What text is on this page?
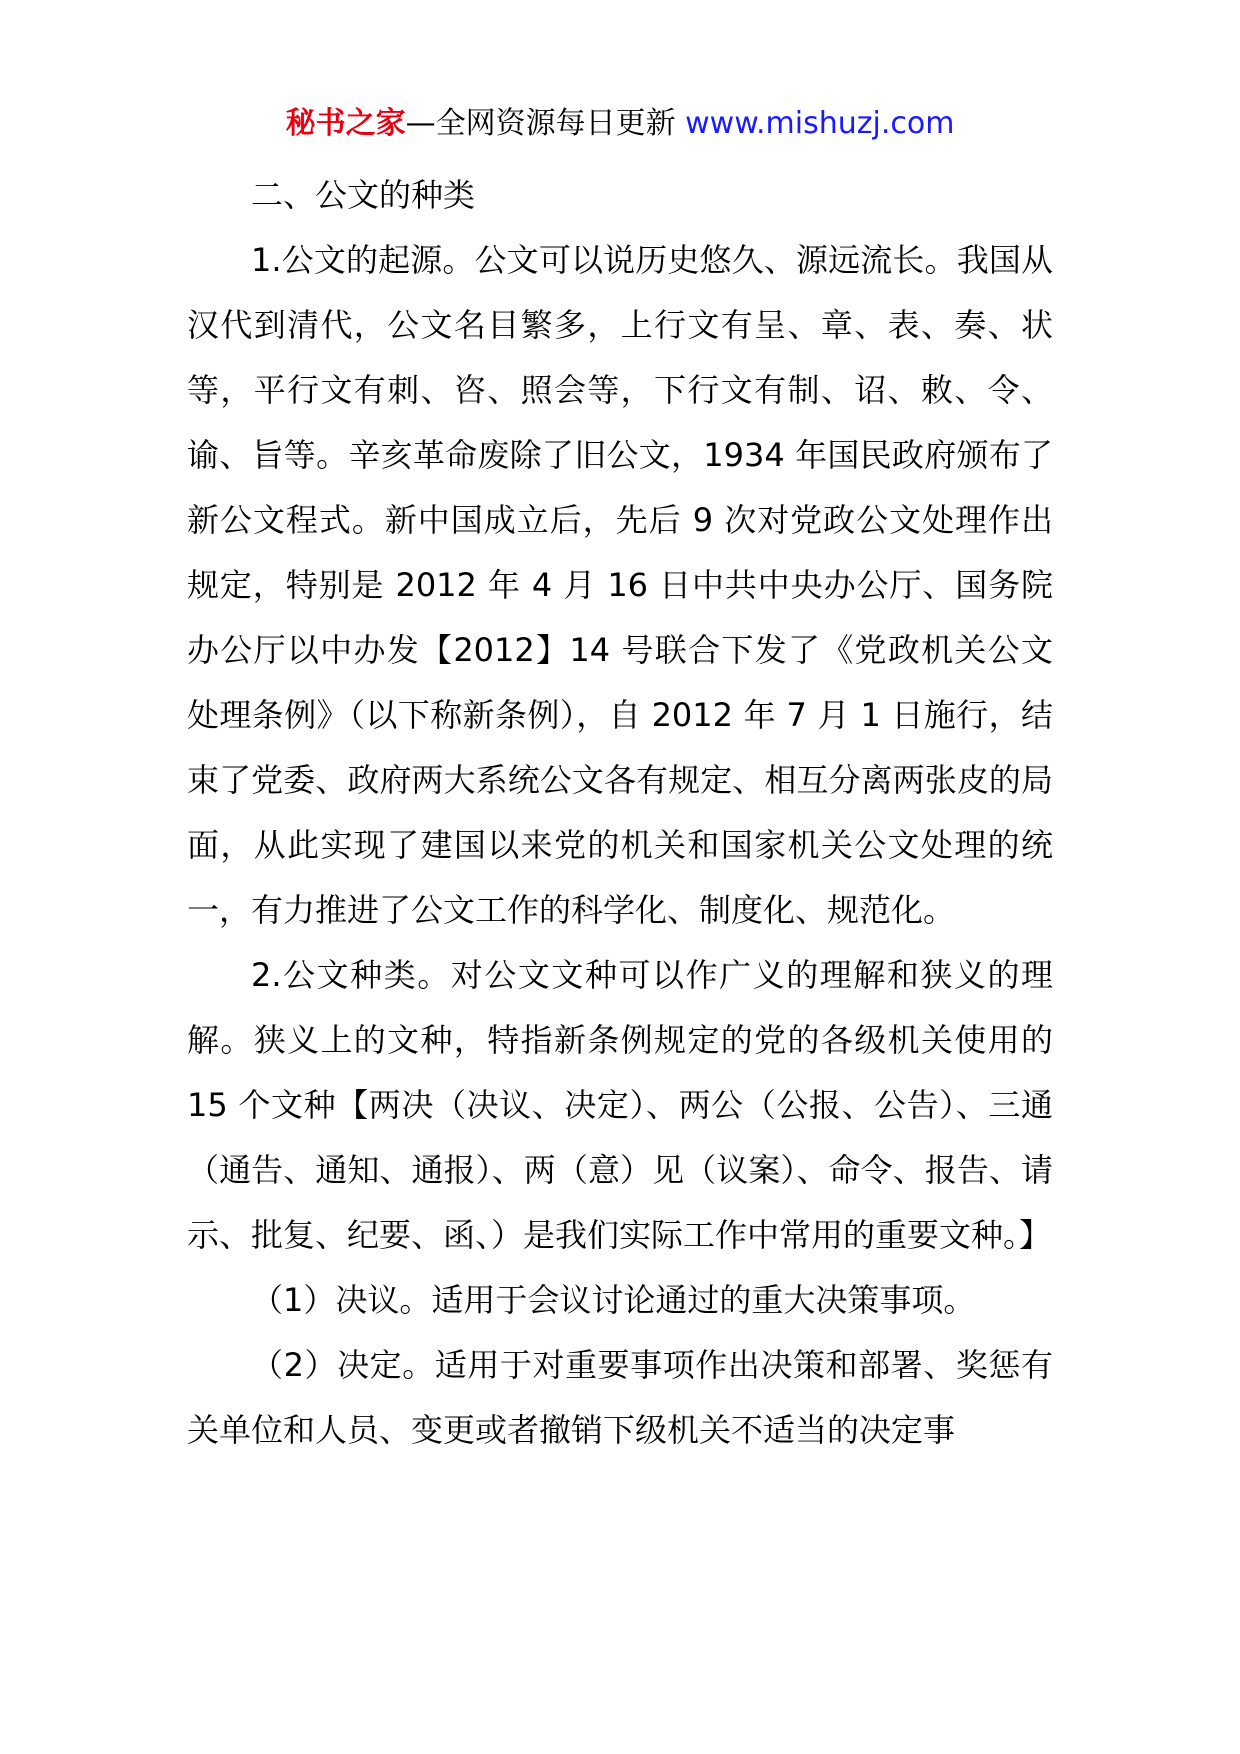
秘书之家—全网资源每日更新 www.mishuzj.com

二、公文的种类

1.公文的起源。公文可以说历史悠久、源远流长。我国从汉代到清代，公文名目繁多，上行文有呈、章、表、奏、状等，平行文有刺、咨、照会等，下行文有制、诏、敕、令、谕、旨等。辛亥革命废除了旧公文，1934 年国民政府颁布了新公文程式。新中国成立后，先后 9 次对党政公文处理作出规定，特别是 2012 年 4 月 16 日中共中央办公厅、国务院办公厅以中办发【2012】14 号联合下发了《党政机关公文处理条例》（以下称新条例），自 2012 年 7 月 1 日施行，结束了党委、政府两大系统公文各有规定、相互分离两张皮的局面，从此实现了建国以来党的机关和国家机关公文处理的统一，有力推进了公文工作的科学化、制度化、规范化。

2.公文种类。对公文文种可以作广义的理解和狭义的理解。狭义上的文种，特指新条例规定的党的各级机关使用的 15 个文种【两决（决议、决定）、两公（公报、公告）、三通（通告、通知、通报）、两（意）见（议案）、命令、报告、请示、批复、纪要、函、）是我们实际工作中常用的重要文种。】

（1）决议。适用于会议讨论通过的重大决策事项。

（2）决定。适用于对重要事项作出决策和部署、奖惩有关单位和人员、变更或者撤销下级机关不适当的决定事
